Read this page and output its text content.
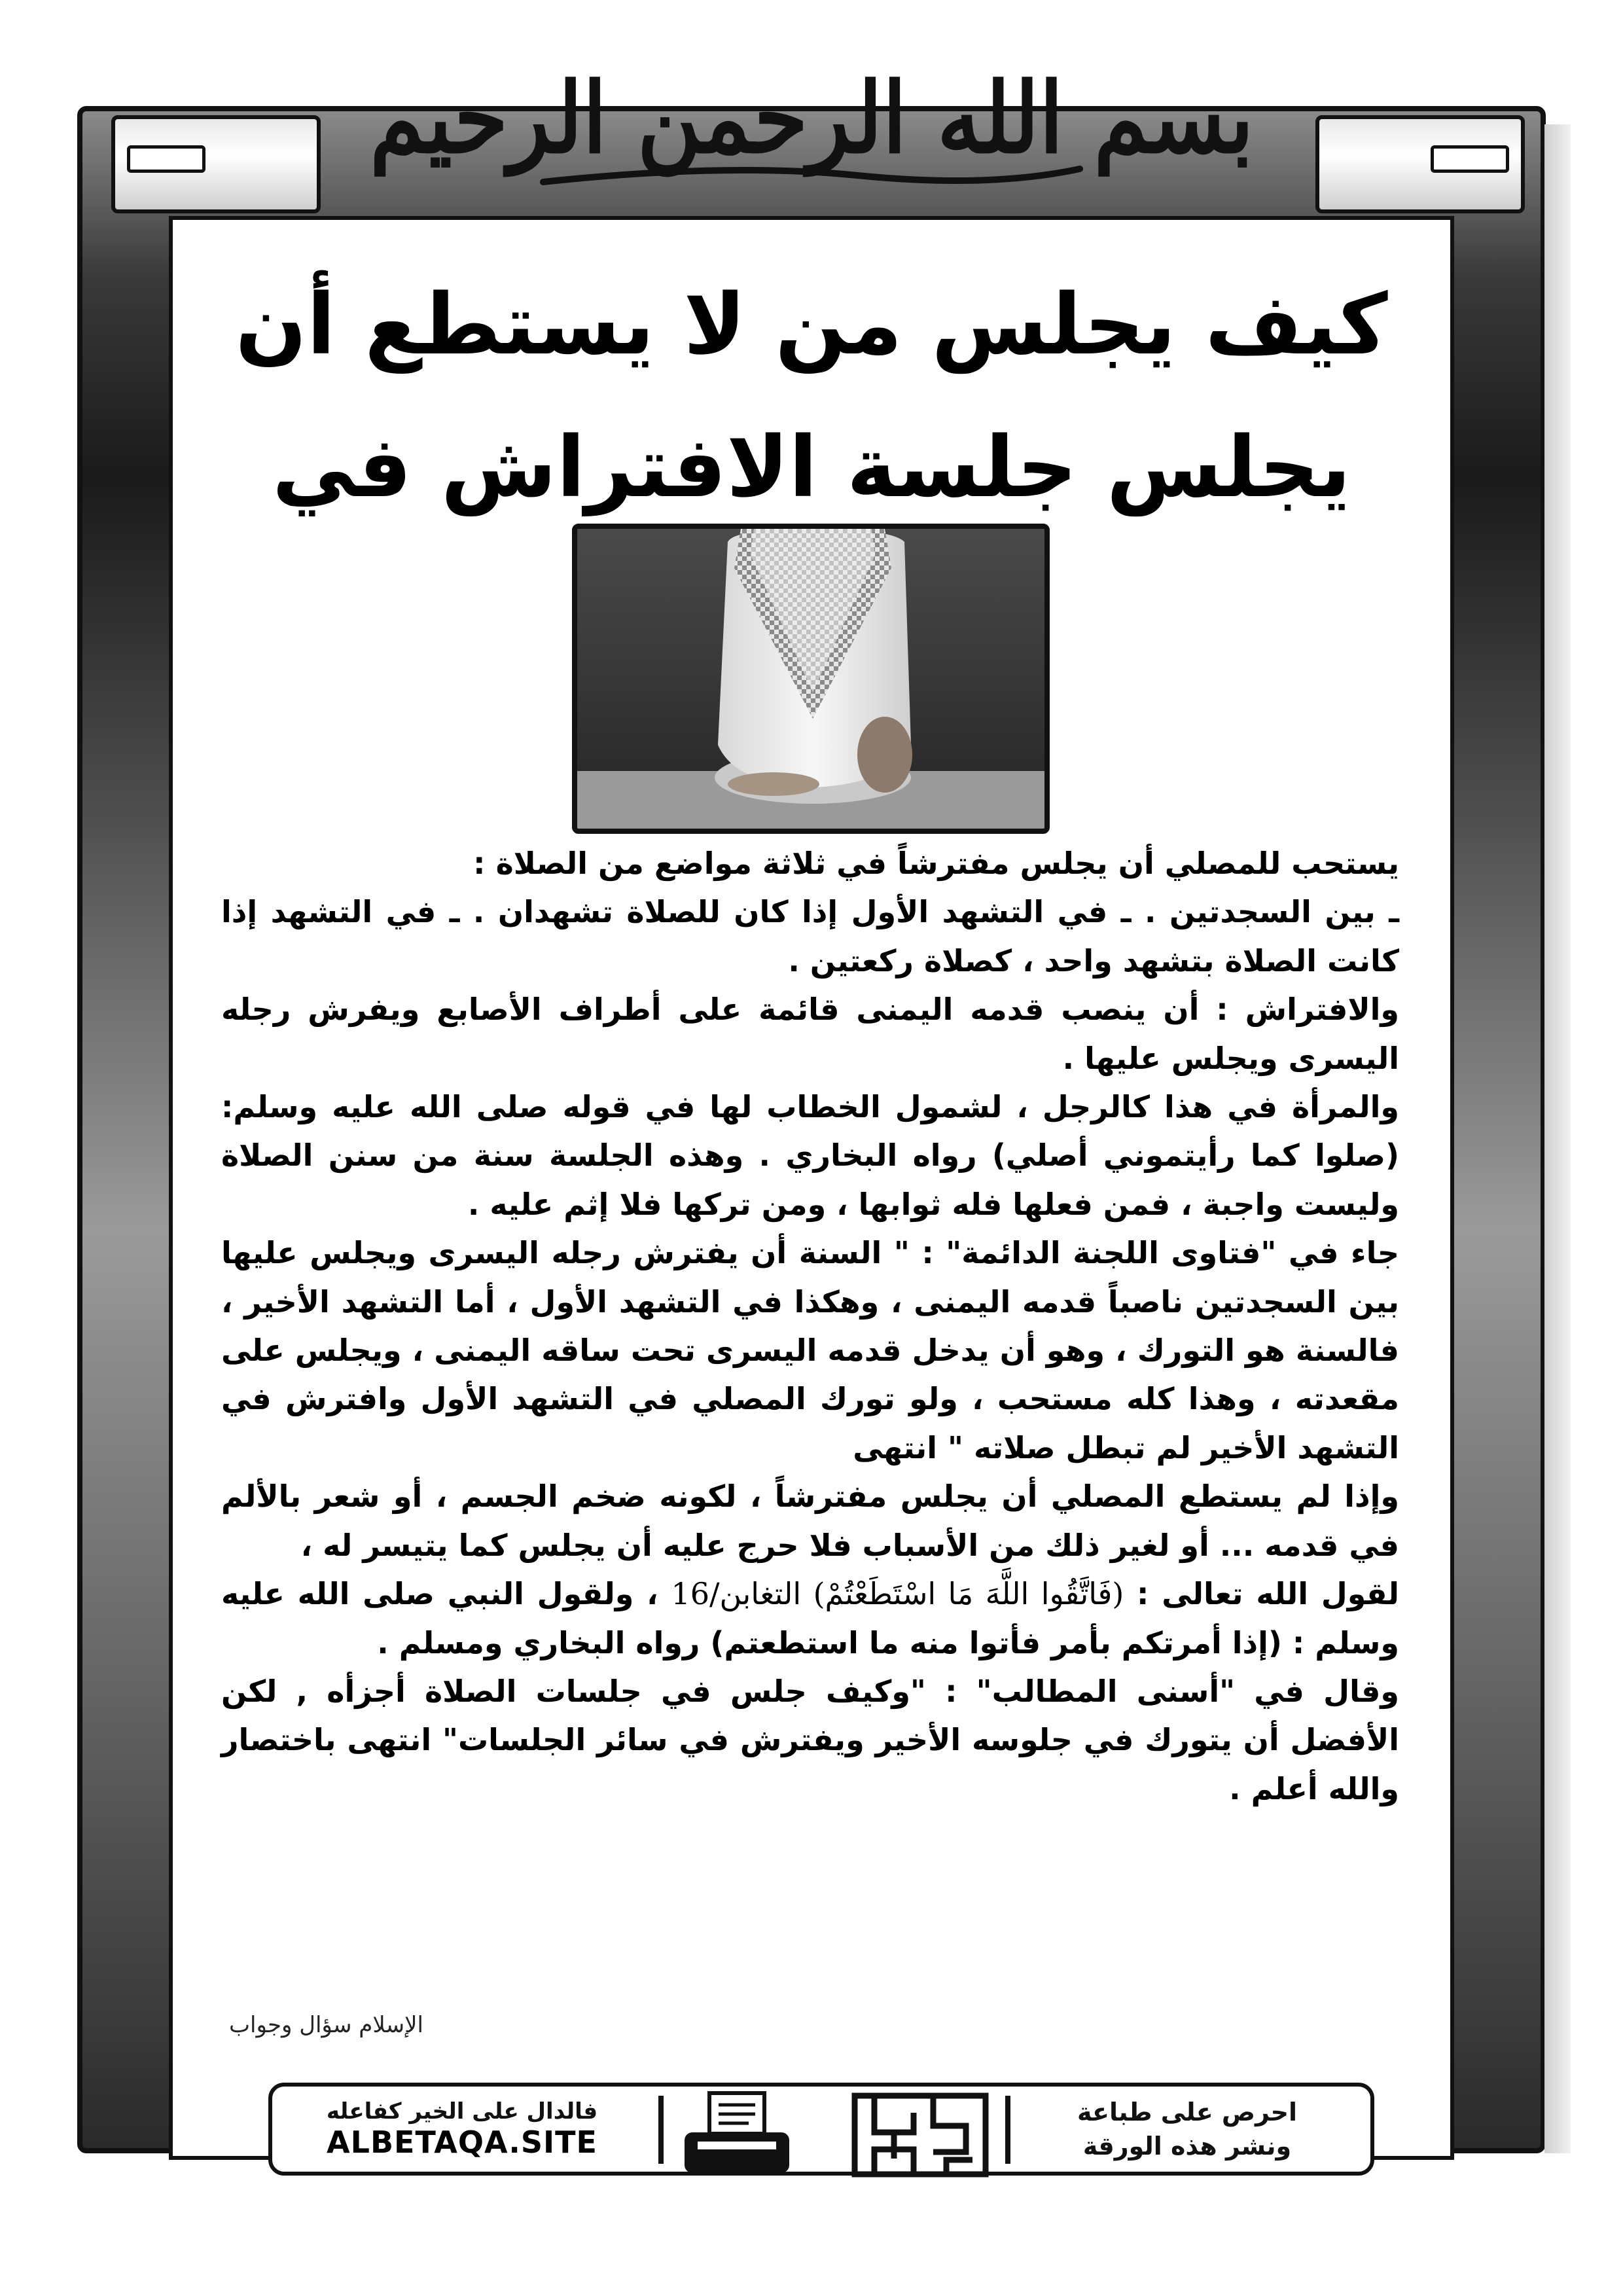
بسم الله الرحمن الرحيم
كيف يجلس من لا يستطع أن
يجلس جلسة الافتراش في

يستحب للمصلي أن يجلس مفترشاً في ثلاثة مواضع من الصلاة :

ـ بين السجدتين . ـ في التشهد الأول إذا كان للصلاة تشهدان . ـ في التشهد إذا كانت الصلاة بتشهد واحد ، كصلاة ركعتين .

والافتراش : أن ينصب قدمه اليمنى قائمة على أطراف الأصابع ويفرش رجله اليسرى ويجلس عليها .

والمرأة في هذا كالرجل ، لشمول الخطاب لها في قوله صلى الله عليه وسلم: (صلوا كما رأيتموني أصلي) رواه البخاري . وهذه الجلسة سنة من سنن الصلاة وليست واجبة ، فمن فعلها فله ثوابها ، ومن تركها فلا إثم عليه .

جاء في "فتاوى اللجنة الدائمة" : " السنة أن يفترش رجله اليسرى ويجلس عليها بين السجدتين ناصباً قدمه اليمنى ، وهكذا في التشهد الأول ، أما التشهد الأخير ، فالسنة هو التورك ، وهو أن يدخل قدمه اليسرى تحت ساقه اليمنى ، ويجلس على مقعدته ، وهذا كله مستحب ، ولو تورك المصلي في التشهد الأول وافترش في التشهد الأخير لم تبطل صلاته " انتهى

وإذا لم يستطع المصلي أن يجلس مفترشاً ، لكونه ضخم الجسم ، أو شعر بالألم في قدمه ... أو لغير ذلك من الأسباب فلا حرج عليه أن يجلس كما يتيسر له ،

لقول الله تعالى : (فَاتَّقُوا اللَّهَ مَا اسْتَطَعْتُمْ) التغابن/16 ، ولقول النبي صلى الله عليه وسلم : (إذا أمرتكم بأمر فأتوا منه ما استطعتم) رواه البخاري ومسلم .

وقال في "أسنى المطالب" : "وكيف جلس في جلسات الصلاة أجزأه , لكن الأفضل أن يتورك في جلوسه الأخير ويفترش في سائر الجلسات" انتهى باختصار والله أعلم .

الإسلام سؤال وجواب
فالدال على الخير كفاعله
ALBETAQA.SITE
احرص على طباعة
ونشر هذه الورقة
